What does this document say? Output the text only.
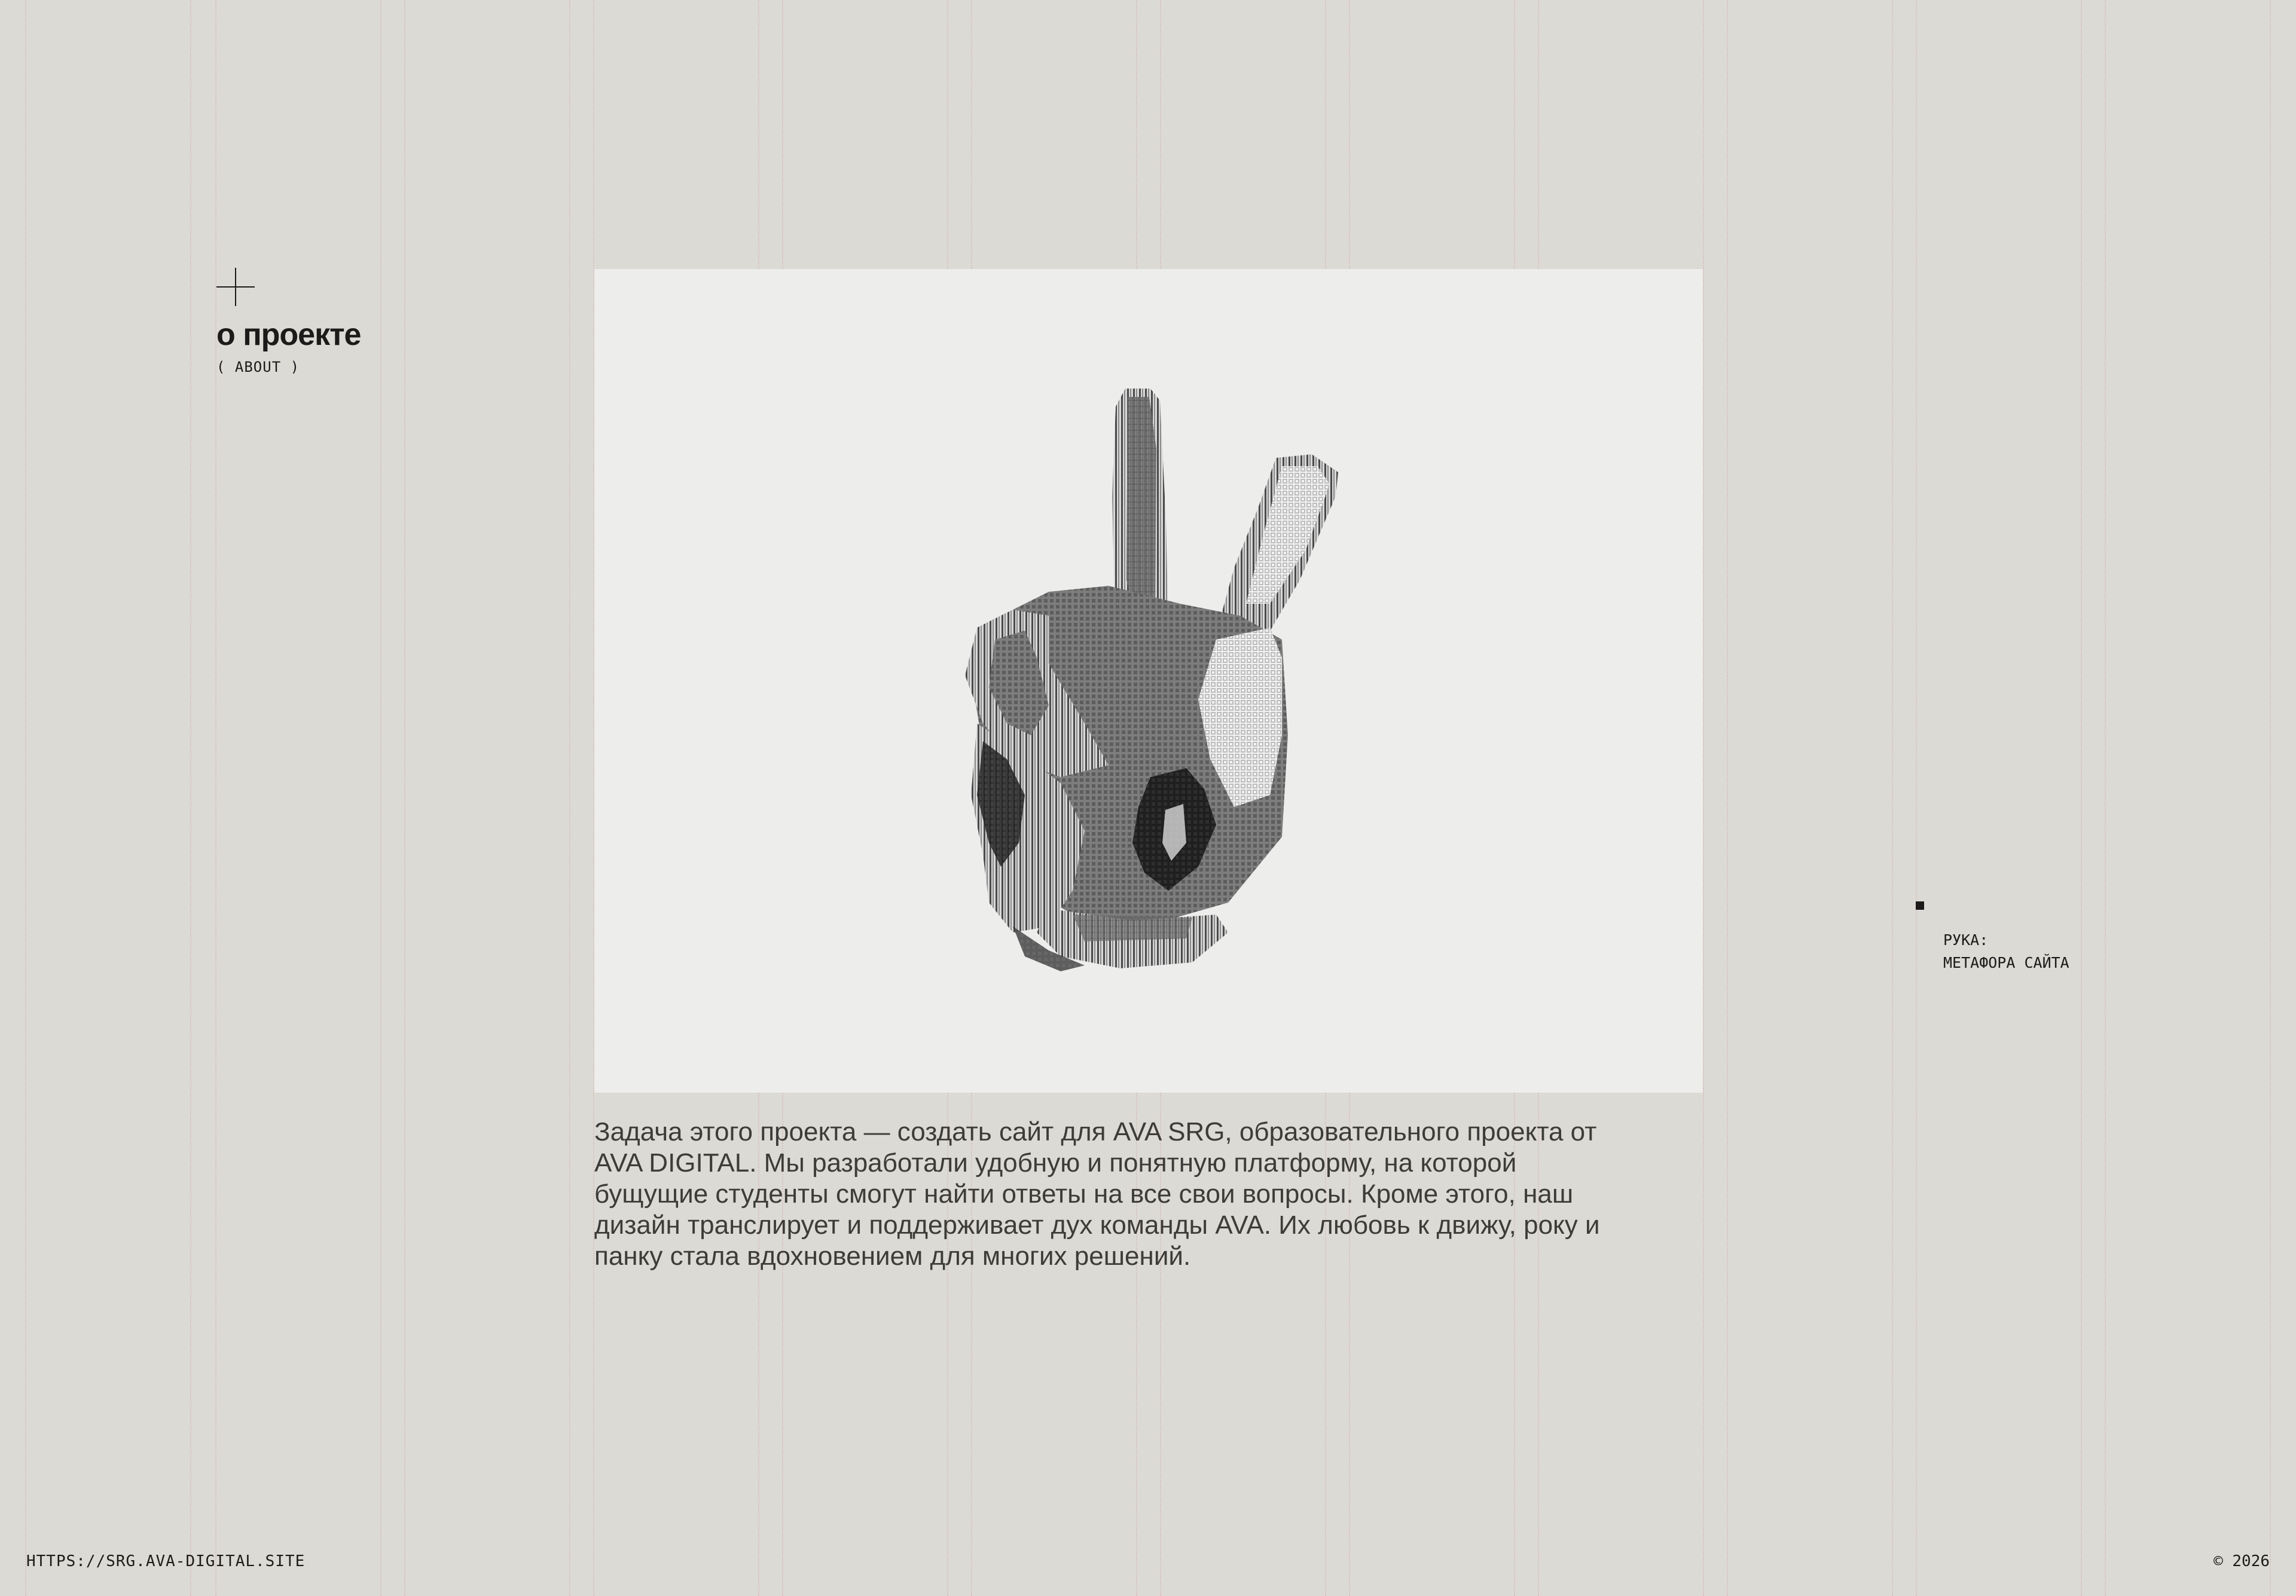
о проекте
( ABOUT )

Задача этого проекта — создать сайт для AVA SRG, образовательного проекта от

AVA DIGITAL. Мы разработали удобную и понятную платформу, на которой

бущущие студенты смогут найти ответы на все свои вопросы. Кроме этого, наш

дизайн транслирует и поддерживает дух команды AVA. Их любовь к движу, року и

панку стала вдохновением для многих решений.

РУКА:
МЕТАФОРА САЙТА
HTTPS://SRG.AVA-DIGITAL.SITE	© 2026
